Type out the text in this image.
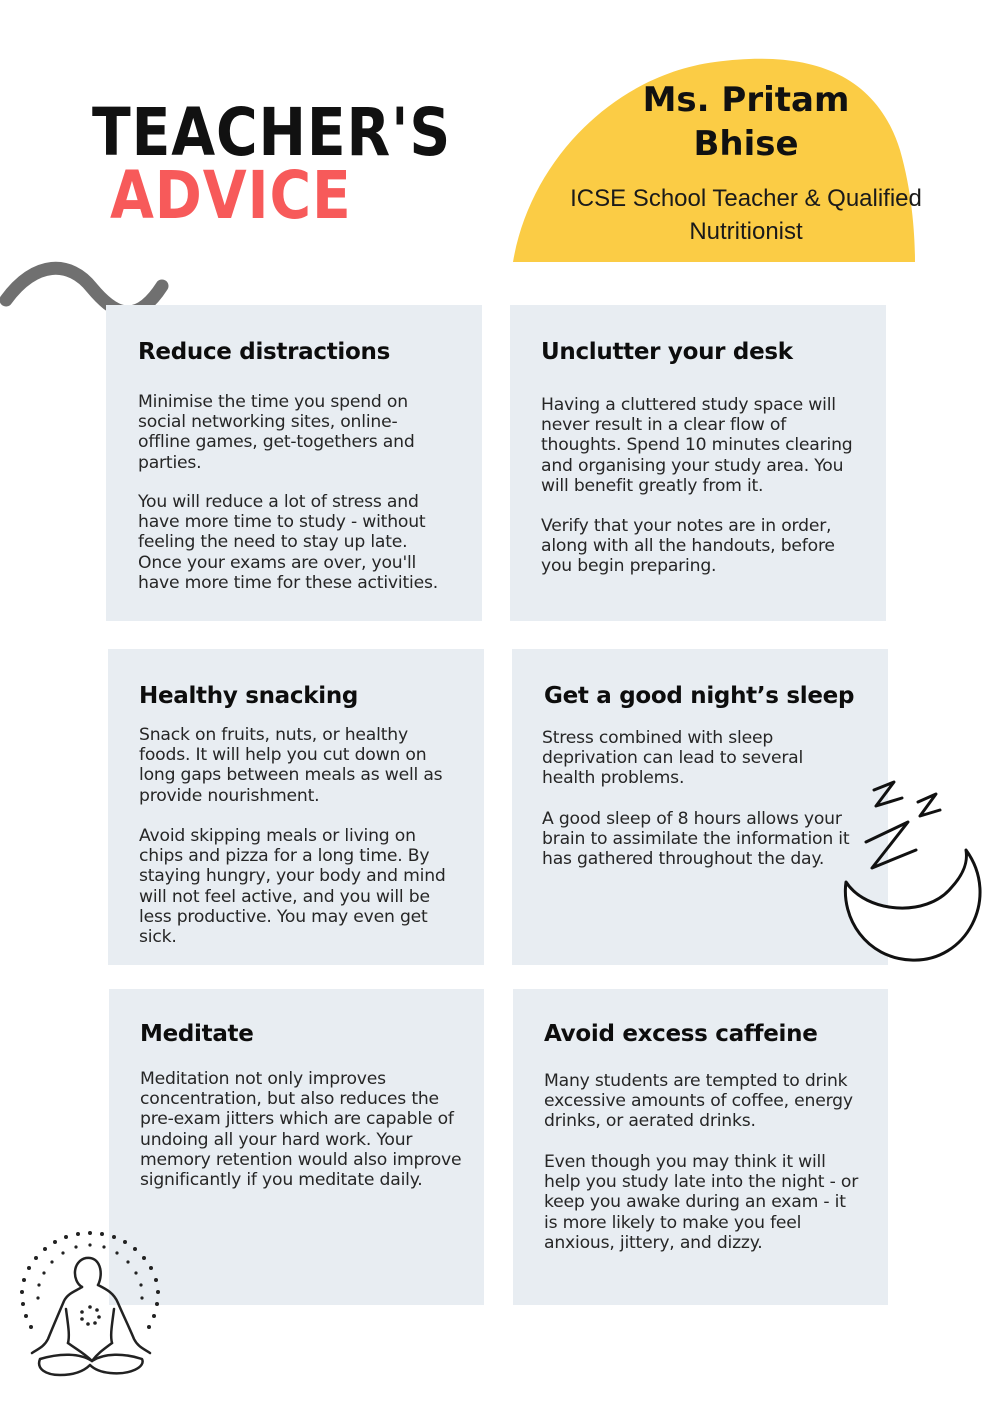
TEACHER'S
ADVICE

Ms. Pritam Bhise

ICSE School Teacher & Qualified Nutritionist

Reduce distractions

Minimise the time you spend on social networking sites, online-offline games, get-togethers and parties.

You will reduce a lot of stress and have more time to study - without feeling the need to stay up late. Once your exams are over, you'll have more time for these activities.

Unclutter your desk

Having a cluttered study space will never result in a clear flow of thoughts. Spend 10 minutes clearing and organising your study area. You will benefit greatly from it.

Verify that your notes are in order, along with all the handouts, before you begin preparing.

Healthy snacking

Snack on fruits, nuts, or healthy foods. It will help you cut down on long gaps between meals as well as provide nourishment.

Avoid skipping meals or living on chips and pizza for a long time. By staying hungry, your body and mind will not feel active, and you will be less productive. You may even get sick.

Get a good night’s sleep

Stress combined with sleep deprivation can lead to several health problems.

A good sleep of 8 hours allows your brain to assimilate the information it has gathered throughout the day.

Meditate

Meditation not only improves concentration, but also reduces the pre-exam jitters which are capable of undoing all your hard work. Your memory retention would also improve significantly if you meditate daily.

Avoid excess caffeine

Many students are tempted to drink excessive amounts of coffee, energy drinks, or aerated drinks.

Even though you may think it will help you study late into the night - or keep you awake during an exam - it is more likely to make you feel anxious, jittery, and dizzy.
